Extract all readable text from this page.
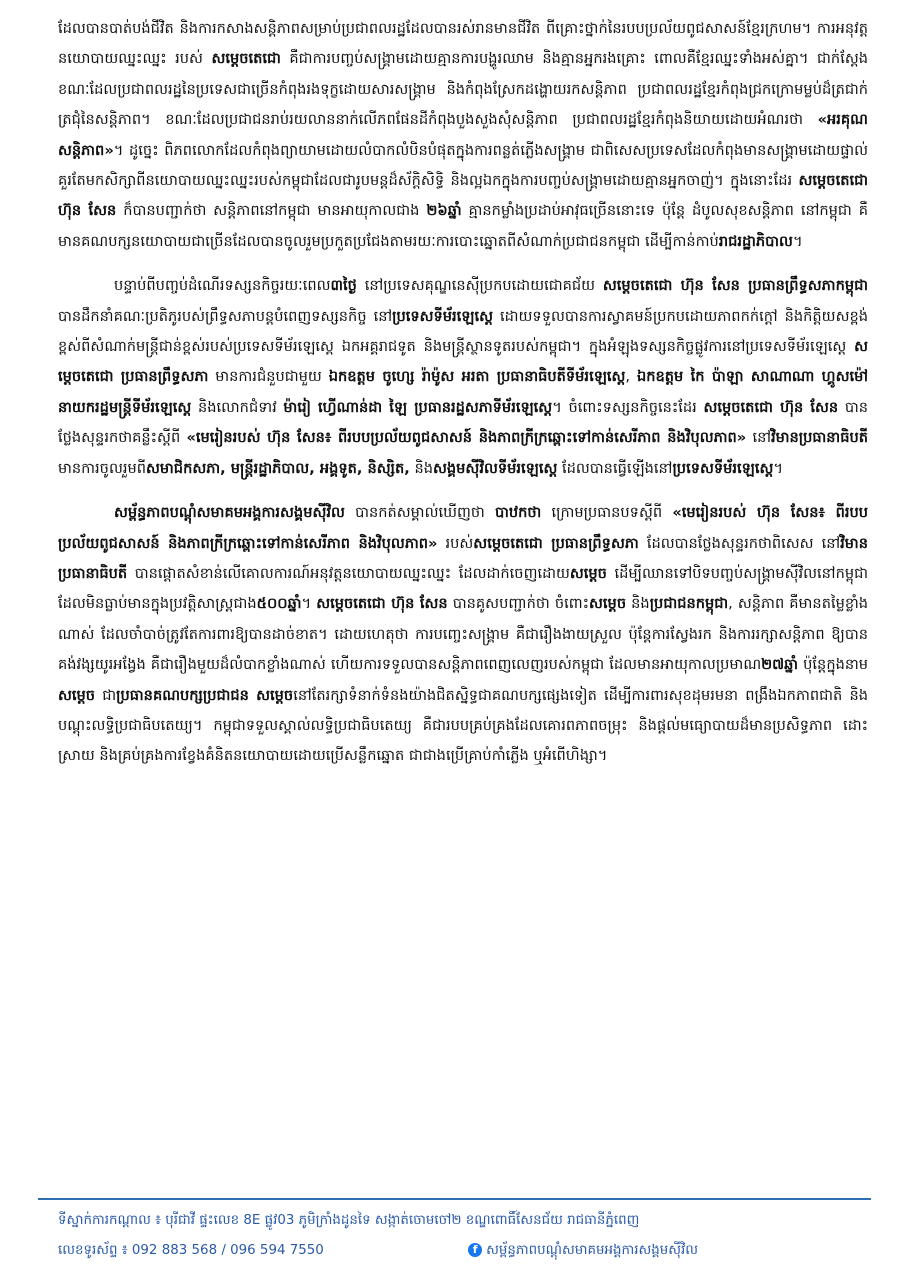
ដែលបានបាត់បង់ជីវិត និងការកសាងសន្តិភាពសម្រាប់ប្រជាពលរដ្ឋដែលបានរស់រានមានជីវិត ពីគ្រោះថ្នាក់នៃរបបប្រល័យពូជសាសន៍ខ្មែរក្រហម។ ការអនុវត្តនយោបាយឈ្នះឈ្នះ របស់ សម្តេចតេជោ គឺជាការបញ្ចប់សង្គ្រាមដោយគ្មានការបង្ហូរឈាម និងគ្មានអ្នករងគ្រោះ ពោលគឺខ្មែរឈ្នះទាំងអស់គ្នា។ ជាក់ស្តែង ខណៈដែលប្រជាពលរដ្ឋនៃប្រទេសជាច្រើនកំពុងរងទុក្ខដោយសារសង្គ្រាម និងកំពុងស្រែកដង្ហោយរកសន្តិភាព ប្រជាពលរដ្ឋខ្មែរកំពុងជ្រកក្រោមម្លប់ដ៏ត្រជាក់ត្រជុំនៃសន្តិភាព។ ខណៈដែលប្រជាជនរាប់រយលាននាក់លើភពផែនដីកំពុងបួងសួងសុំសន្តិភាព ប្រជាពលរដ្ឋខ្មែរកំពុងនិយាយដោយអំណរថា «អរគុណសន្តិភាព»។ ដូច្នេះ ពិភពលោកដែលកំពុងព្យាយាមដោយលំបាកលំបិនបំផុតក្នុងការពន្លត់ភ្លើងសង្គ្រាម ជាពិសេសប្រទេសដែលកំពុងមានសង្គ្រាមដោយផ្ទាល់គួរតែមកសិក្សាពីនយោបាយឈ្នះឈ្នះរបស់កម្ពុជាដែលជារូបមន្តដ៏ស័ក្តិសិទ្ធិ និងល្អឯកក្នុងការបញ្ចប់សង្គ្រាមដោយគ្មានអ្នកចាញ់។ ក្នុងនោះដែរ សម្តេចតេជោ ហ៊ុន សែន ក៏បានបញ្ជាក់ថា សន្តិភាពនៅកម្ពុជា មានអាយុកាលជាង ២៦ឆ្នាំ គ្មានកម្លាំងប្រដាប់អាវុធច្រើននោះទេ ប៉ុន្តែ ដំបូលសុខសន្តិភាព នៅកម្ពុជា គឺមានគណបក្សនយោបាយជាច្រើនដែលបានចូលរួមប្រកួតប្រជែងតាមរយៈការបោះឆ្នោតពីសំណាក់ប្រជាជនកម្ពុជា ដើម្បីកាន់កាប់រាជរដ្ឋាភិបាល។

បន្ទាប់ពីបញ្ចប់ដំណើរទស្សនកិច្ចរយៈពេល៣ថ្ងៃ នៅប្រទេសគុណ្ឌនេស៊ីប្រកបដោយជោគជ័យ សម្តេចតេជោ ហ៊ុន សែន ប្រធានព្រឹទ្ធសភាកម្ពុជា បានដឹកនាំគណៈប្រតិភូរបស់ព្រឹទ្ធសភាបន្តបំពេញទស្សនកិច្ច នៅប្រទេសទីម័រឡេស្តេ ដោយទទួលបានការស្វាគមន៍ប្រកបដោយភាពកក់ក្តៅ និងកិត្តិយសខ្ពង់ខ្ពស់ពីសំណាក់មន្ត្រីជាន់ខ្ពស់របស់ប្រទេសទីម័រឡេស្តេ ឯកអគ្គរាជទូត និងមន្ត្រីស្ថានទូតរបស់កម្ពុជា។ ក្នុងអំឡុងទស្សនកិច្ចផ្លូវការនៅប្រទេសទីម័រឡេស្តេ សម្តេចតេជោ ប្រធានព្រឹទ្ធសភា មានការជំនួបជាមួយ ឯកឧត្តម ចូហ្សេ រ៉ាម៉ូស អរតា ប្រធានាធិបតីទីម័រឡេស្តេ, ឯកឧត្តម កៃ ប៉ាឡា សាណាណា ហ្គូសម៉ៅ នាយករដ្ឋមន្ត្រីទីម័រឡេស្តេ និងលោកជំទាវ ម៉ារៀ ហ្វើណាន់ដា ឡៃ ប្រធានរដ្ឋសភាទីម័រឡេស្តេ។ ចំពោះទស្សនកិច្ចនេះដែរ សម្តេចតេជោ ហ៊ុន សែន បានថ្លែងសុន្ទរកថាគន្លឹះស្តីពី «មេរៀនរបស់ ហ៊ុន សែន៖ ពីរបបប្រល័យពូជសាសន៍ និងភាពក្រីក្រឆ្ពោះទៅកាន់សេរីភាព និងវិបុលភាព» នៅវិមានប្រធានាធិបតី មានការចូលរួមពីសមាជិកសភា, មន្ត្រីរដ្ឋាភិបាល, អង្គទូត, និស្សិត, និងសង្គមស៊ីវិលទីម័រឡេស្តេ ដែលបានធ្វើឡើងនៅប្រទេសទីម័រឡេស្តេ។

សម្ព័ន្ធភាពបណ្តុំសមាគមអង្គការសង្គមស៊ីវិល បានកត់សម្គាល់ឃើញថា បាឋកថា ក្រោមប្រធានបទស្តីពី «មេរៀនរបស់ ហ៊ុន សែន៖ ពីរបបប្រល័យពូជសាសន៍ និងភាពក្រីក្រឆ្ពោះទៅកាន់សេរីភាព និងវិបុលភាព» របស់សម្តេចតេជោ ប្រធានព្រឹទ្ធសភា ដែលបានថ្លែងសុន្ទរកថាពិសេស នៅវិមានប្រធានាធិបតី បានផ្តោតសំខាន់លើគោលការណ៍អនុវត្តនយោបាយឈ្នះឈ្នះ ដែលដាក់ចេញដោយសម្តេច ដើម្បីឈានទៅបិទបញ្ចប់សង្គ្រាមស៊ីវិលនៅកម្ពុជា ដែលមិនធ្លាប់មានក្នុងប្រវត្តិសាស្ត្រជាង៥០០ឆ្នាំ។ សម្តេចតេជោ ហ៊ុន សែន បានគូសបញ្ជាក់ថា ចំពោះសម្តេច និងប្រជាជនកម្ពុជា, សន្តិភាព គឺមានតម្លៃខ្លាំងណាស់ ដែលចាំបាច់ត្រូវតែការពារឱ្យបាន​ដាច់ខាត។ ដោយហេតុថា ការបញ្ចេះសង្គ្រាម គឺជារឿងងាយស្រួល ប៉ុន្តែការស្វែងរក និងការរក្សាសន្តិភាព ឱ្យបានគង់វង្សយូរអង្វែង គឺជារឿងមួយដ៏លំបាកខ្លាំងណាស់ ហើយការទទួលបានសន្តិភាពពេញលេញរបស់កម្ពុជា ដែលមានអាយុកាលប្រមាណ២៧ឆ្នាំ ប៉ុន្តែក្នុងនាមសម្តេច ជាប្រធានគណបក្សប្រជាជន សម្តេចនៅតែរក្សាទំនាក់ទំនងយ៉ាងជិតស្និទ្ធជាគណបក្សផ្សេងទៀត ដើម្បីការពារសុខដុមរមនា ពង្រឹងឯកភាពជាតិ និងបណ្តុះលទ្ធិប្រជាធិបតេយ្យ។ កម្ពុជាទទួលស្គាល់លទ្ធិប្រជាធិបតេយ្យ គឺជារបបគ្រប់គ្រងដែលគោរពភាពចម្រុះ និងផ្តល់មធ្យោបាយដ៏មានប្រសិទ្ធភាព ដោះស្រាយ និងគ្រប់គ្រងការខ្វែងគំនិតនយោបាយដោយប្រើសន្លឹកឆ្នោត ជាជាងប្រើគ្រាប់កាំភ្លើង ឬអំពើហិង្សា។

ទីស្នាក់ការកណ្តាល ៖ បុរីជាវី ផ្ទះលេខ 8E ផ្លូវ03 ភូមិក្រាំងដូនទៃ សង្កាត់ចោមចៅ២ ខណ្ឌពោធិ៍សែនជ័យ រាជធានីភ្នំពេញ
លេខទូរស័ព្ទ ៖ 092 883 568 / 096 594 7550	f សម្ព័ន្ធភាពបណ្តុំសមាគមអង្គការសង្គមស៊ីវិល
